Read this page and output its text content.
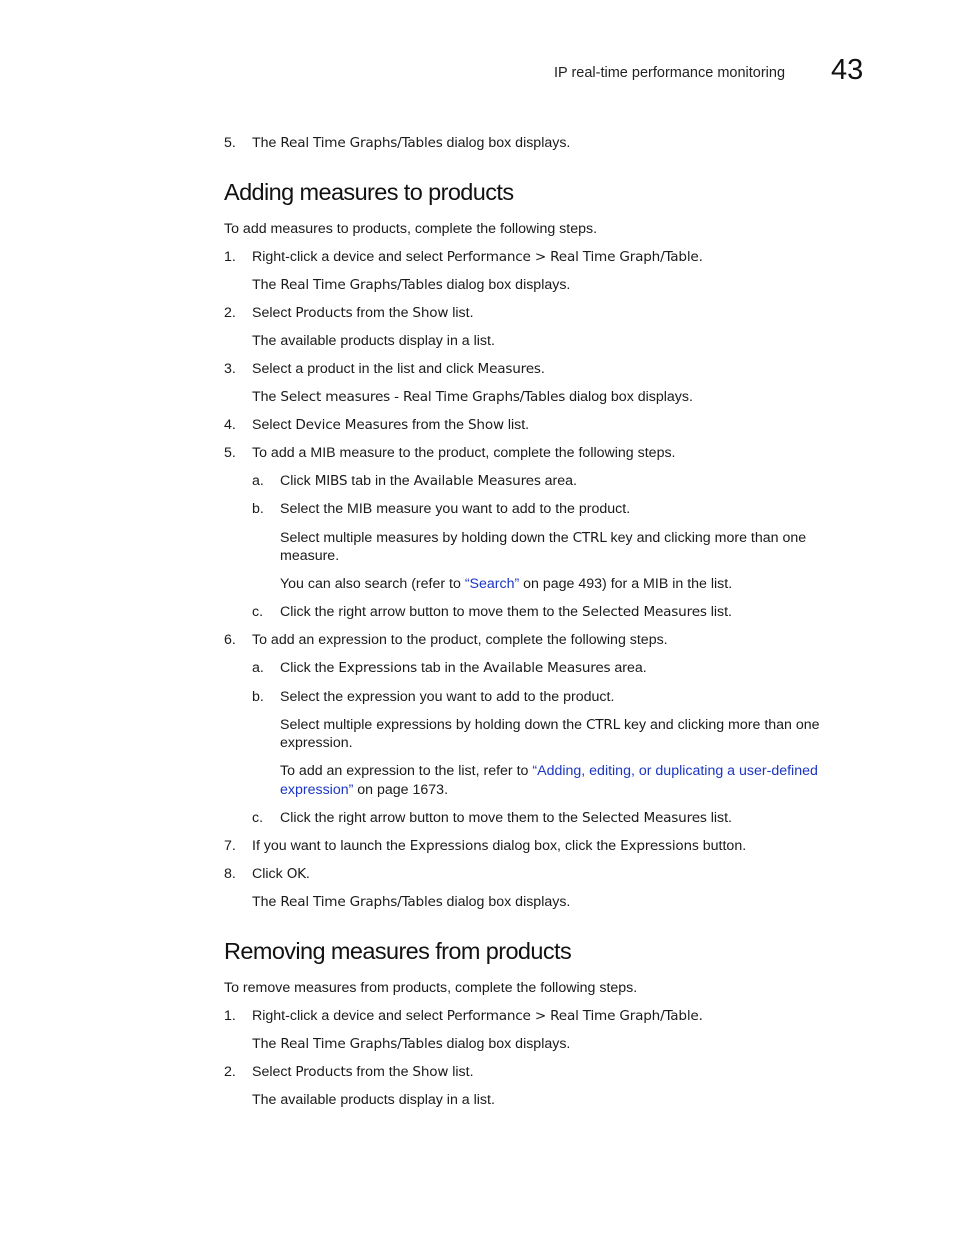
IP real-time performance monitoring 43
5. The Real Time Graphs/Tables dialog box displays.
Adding measures to products
To add measures to products, complete the following steps.
1. Right-click a device and select Performance > Real Time Graph/Table.
The Real Time Graphs/Tables dialog box displays.
2. Select Products from the Show list.
The available products display in a list.
3. Select a product in the list and click Measures.
The Select measures - Real Time Graphs/Tables dialog box displays.
4. Select Device Measures from the Show list.
5. To add a MIB measure to the product, complete the following steps.
a. Click MIBS tab in the Available Measures area.
b. Select the MIB measure you want to add to the product.
Select multiple measures by holding down the CTRL key and clicking more than one
measure.
You can also search (refer to “Search” on page 493) for a MIB in the list.
c. Click the right arrow button to move them to the Selected Measures list.
6. To add an expression to the product, complete the following steps.
a. Click the Expressions tab in the Available Measures area.
b. Select the expression you want to add to the product.
Select multiple expressions by holding down the CTRL key and clicking more than one
expression.
To add an expression to the list, refer to “Adding, editing, or duplicating a user-defined
expression” on page 1673.
c. Click the right arrow button to move them to the Selected Measures list.
7. If you want to launch the Expressions dialog box, click the Expressions button.
8. Click OK.
The Real Time Graphs/Tables dialog box displays.
Removing measures from products
To remove measures from products, complete the following steps.
1. Right-click a device and select Performance > Real Time Graph/Table.
The Real Time Graphs/Tables dialog box displays.
2. Select Products from the Show list.
The available products display in a list.
